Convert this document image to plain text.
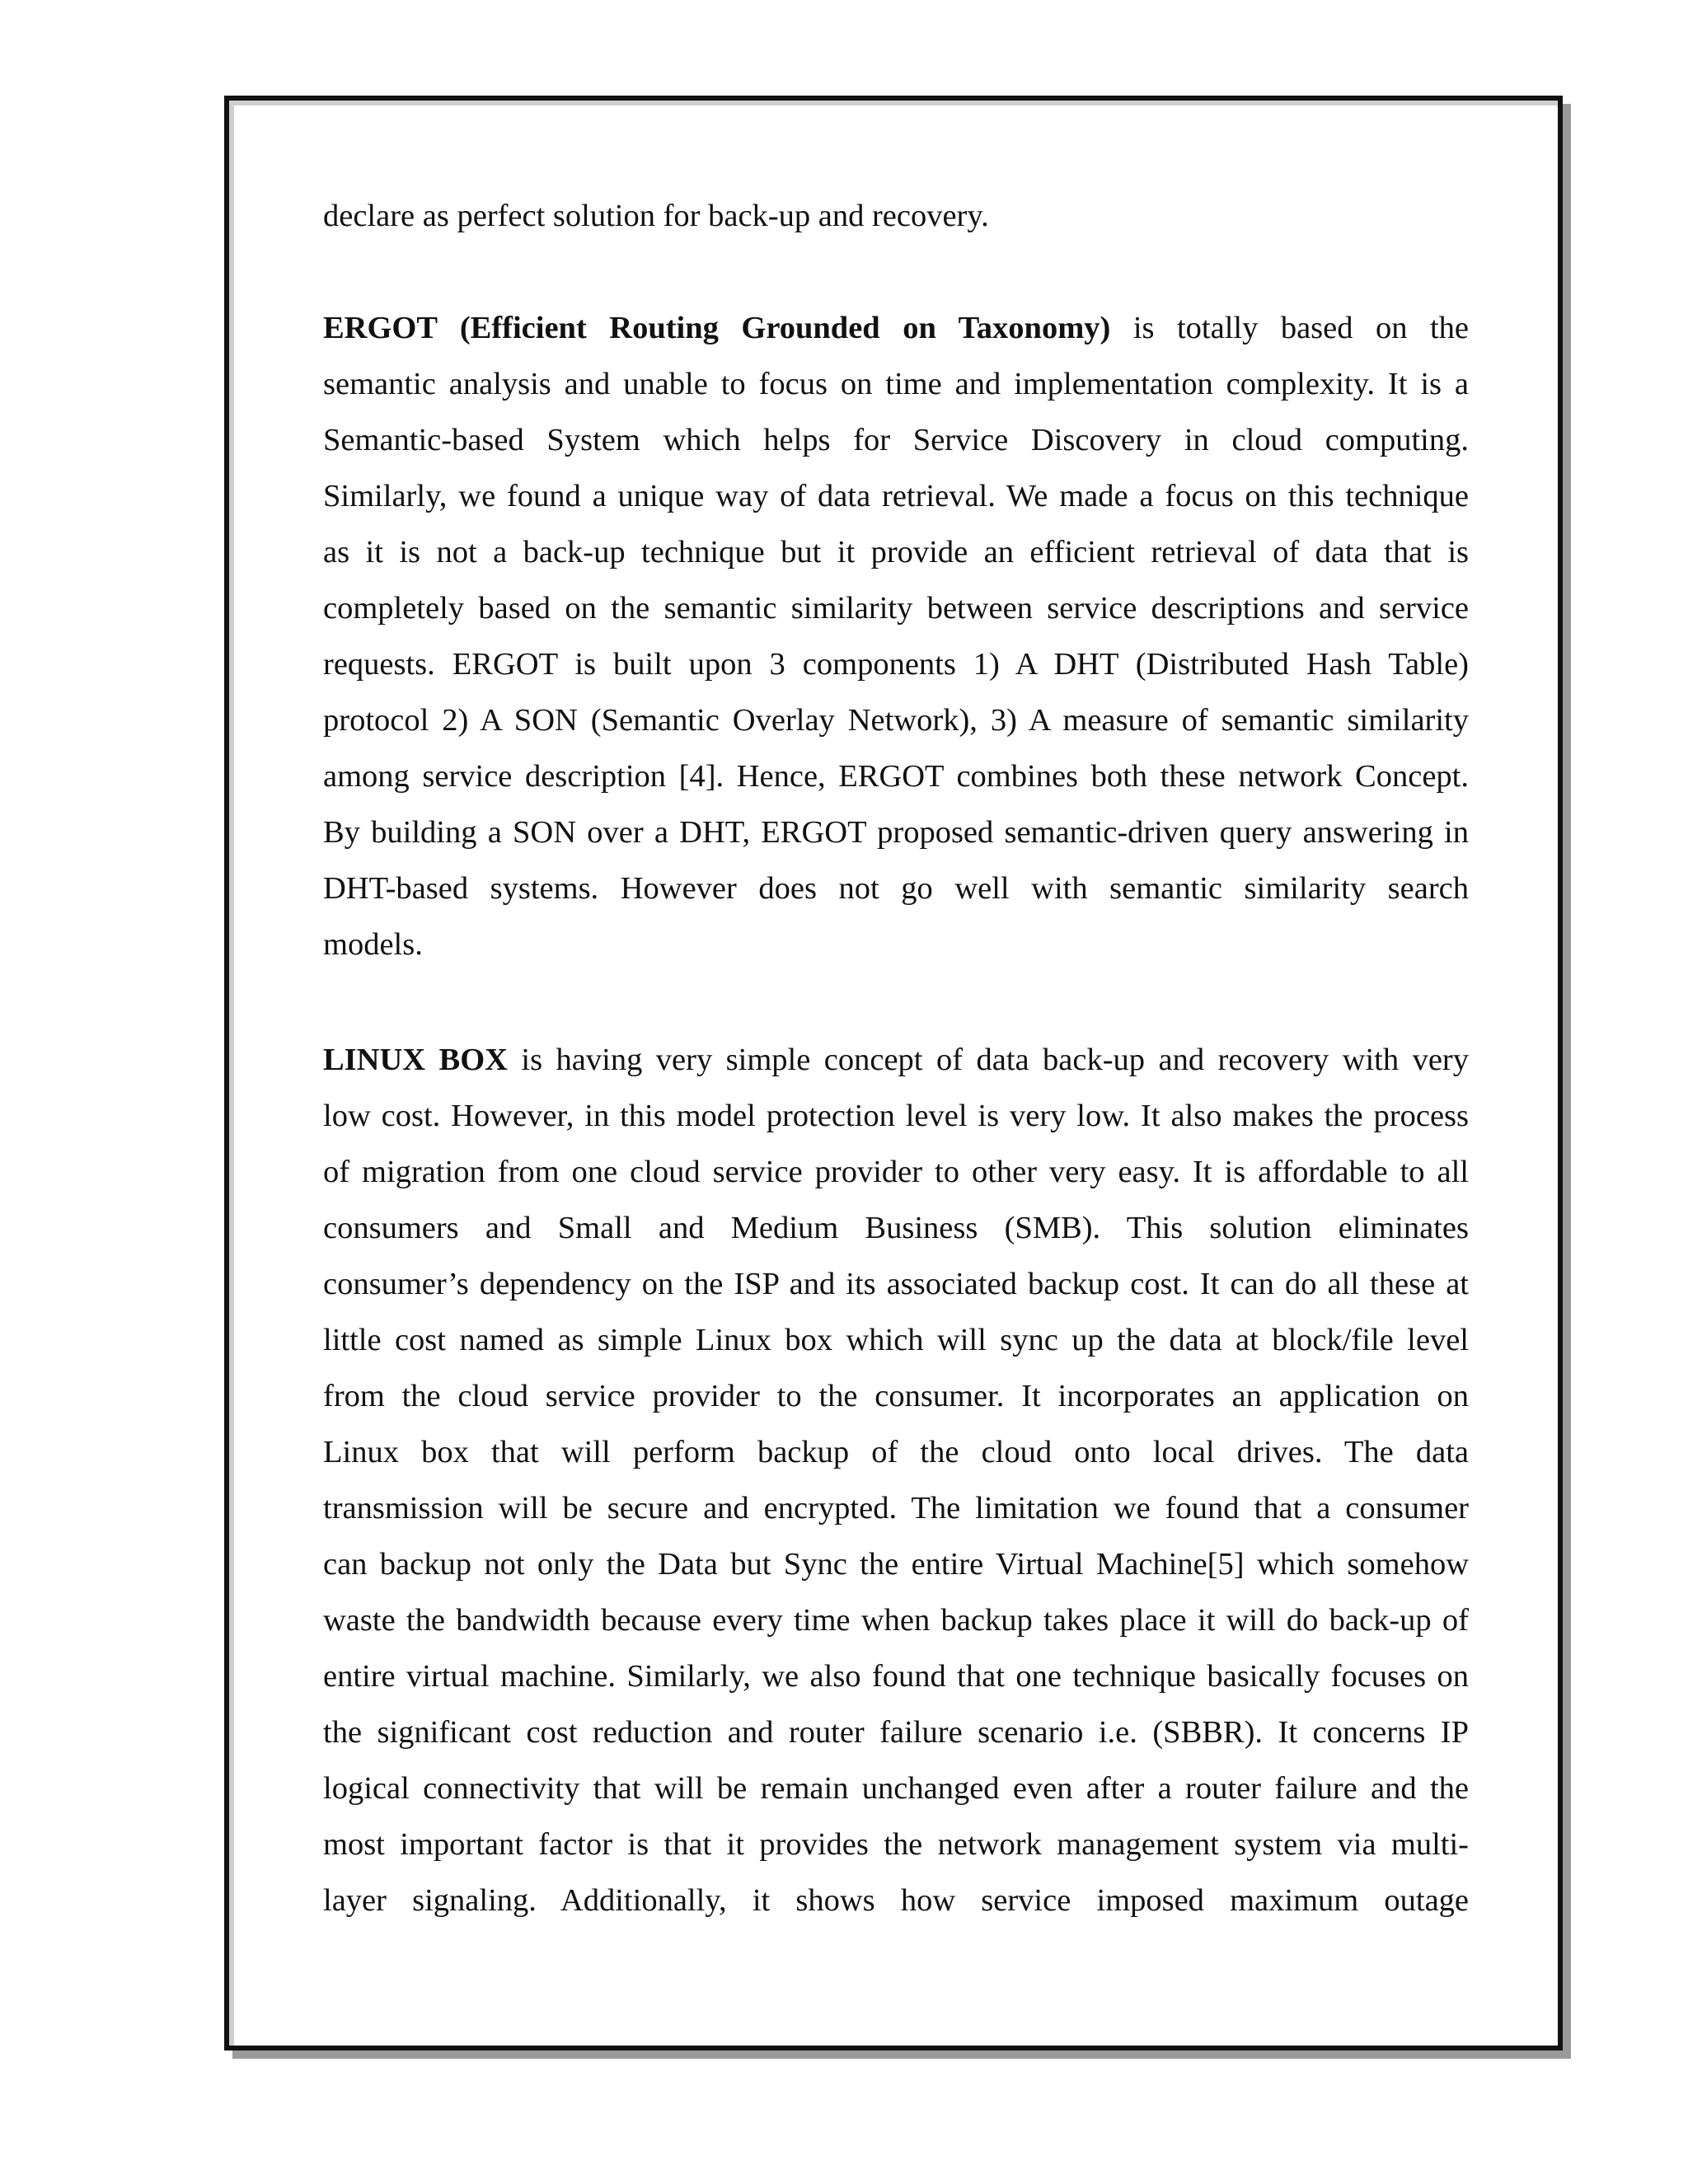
declare as perfect solution for back-up and recovery.
ERGOT (Efficient Routing Grounded on Taxonomy) is totally based on the
semantic analysis and unable to focus on time and implementation complexity. It is a
Semantic-based System which helps for Service Discovery in cloud computing.
Similarly, we found a unique way of data retrieval. We made a focus on this technique
as it is not a back-up technique but it provide an efficient retrieval of data that is
completely based on the semantic similarity between service descriptions and service
requests. ERGOT is built upon 3 components 1) A DHT (Distributed Hash Table)
protocol 2) A SON (Semantic Overlay Network), 3) A measure of semantic similarity
among service description [4]. Hence, ERGOT combines both these network Concept.
By building a SON over a DHT, ERGOT proposed semantic-driven query answering in
DHT-based systems. However does not go well with semantic similarity search
models.
LINUX BOX is having very simple concept of data back-up and recovery with very
low cost. However, in this model protection level is very low. It also makes the process
of migration from one cloud service provider to other very easy. It is affordable to all
consumers and Small and Medium Business (SMB). This solution eliminates
consumer’s dependency on the ISP and its associated backup cost. It can do all these at
little cost named as simple Linux box which will sync up the data at block/file level
from the cloud service provider to the consumer. It incorporates an application on
Linux box that will perform backup of the cloud onto local drives. The data
transmission will be secure and encrypted. The limitation we found that a consumer
can backup not only the Data but Sync the entire Virtual Machine[5] which somehow
waste the bandwidth because every time when backup takes place it will do back-up of
entire virtual machine. Similarly, we also found that one technique basically focuses on
the significant cost reduction and router failure scenario i.e. (SBBR). It concerns IP
logical connectivity that will be remain unchanged even after a router failure and the
most important factor is that it provides the network management system via multi-
layer signaling. Additionally, it shows how service imposed maximum outage
